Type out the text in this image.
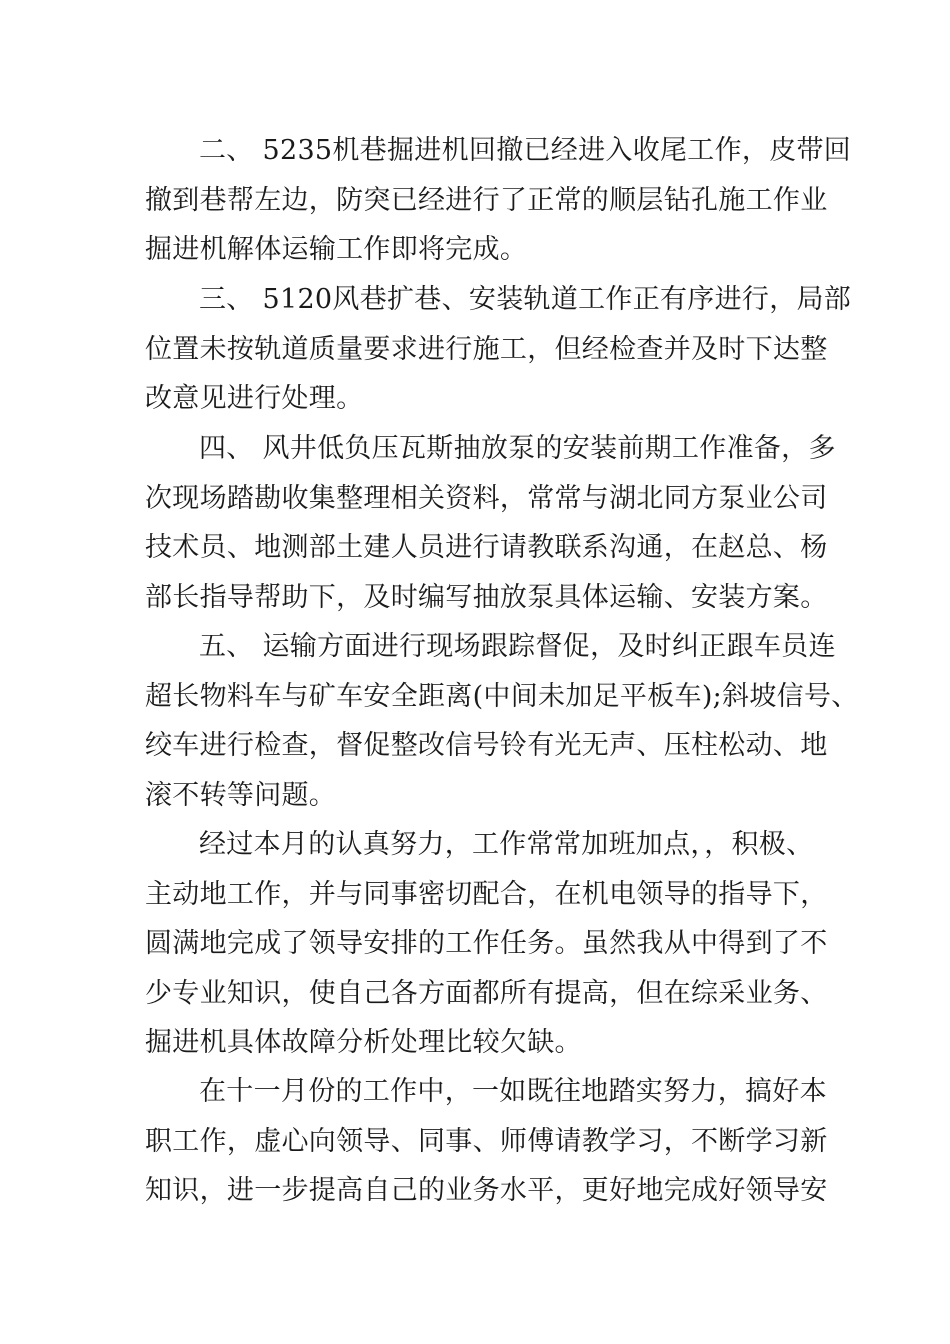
二、 5235机巷掘进机回撤已经进入收尾工作，皮带回
撤到巷帮左边，防突已经进行了正常的顺层钻孔施工作业
掘进机解体运输工作即将完成。
三、 5120风巷扩巷、安装轨道工作正有序进行，局部
位置未按轨道质量要求进行施工，但经检查并及时下达整
改意见进行处理。
四、 风井低负压瓦斯抽放泵的安装前期工作准备，多
次现场踏勘收集整理相关资料，常常与湖北同方泵业公司
技术员、地测部土建人员进行请教联系沟通，在赵总、杨
部长指导帮助下，及时编写抽放泵具体运输、安装方案。
五、 运输方面进行现场跟踪督促，及时纠正跟车员连
超长物料车与矿车安全距离(中间未加足平板车);斜坡信号、
绞车进行检查，督促整改信号铃有光无声、压柱松动、地
滚不转等问题。
经过本月的认真努力，工作常常加班加点，，积极、
主动地工作，并与同事密切配合，在机电领导的指导下，
圆满地完成了领导安排的工作任务。虽然我从中得到了不
少专业知识，使自己各方面都所有提高，但在综采业务、
掘进机具体故障分析处理比较欠缺。
在十一月份的工作中，一如既往地踏实努力，搞好本
职工作，虚心向领导、同事、师傅请教学习，不断学习新
知识，进一步提高自己的业务水平，更好地完成好领导安
